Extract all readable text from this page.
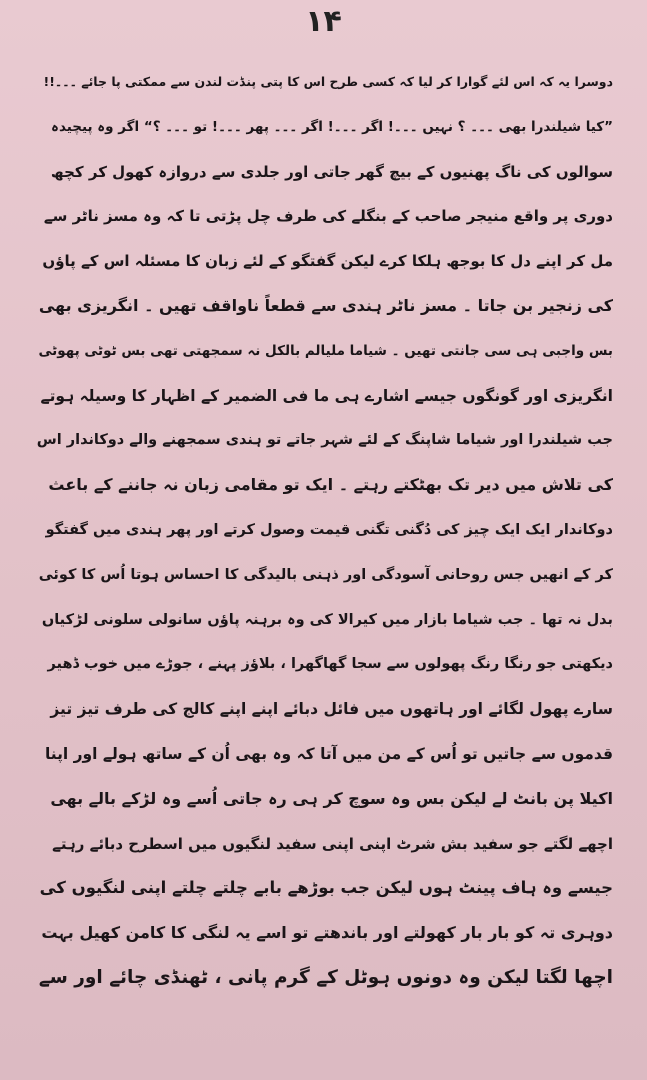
۱۴
دوسرا یہ کہ اس لئے گوارا کر لیا کہ کسی طرح اس کا پتی پنڈت لندن سے ممکتی پا جائے ۔۔۔!!
”کیا شیلندرا بھی ۔۔۔ ؟ نہیں ۔۔۔! اگر ۔۔۔! اگر ۔۔۔ پھر ۔۔۔! تو ۔۔۔ ؟“ اگر وہ پیچیدہ
سوالوں کی ناگ پھنیوں کے بیچ گھر جاتی اور جلدی سے دروازہ کھول کر کچھ
دوری پر واقع منیجر صاحب کے بنگلے کی طرف چل پڑتی تا کہ وہ مسز ناٹر سے
مل کر اپنے دل کا بوجھ ہلکا کرے لیکن گفتگو کے لئے زبان کا مسئلہ اس کے پاؤں
کی زنجیر بن جاتا ۔ مسز ناٹر ہندی سے قطعاً ناواقف تھیں ۔ انگریزی بھی
بس واجبی ہی سی جانتی تھیں ۔ شیاما ملیالم بالکل نہ سمجھتی تھی بس ٹوٹی پھوٹی
انگریزی اور گونگوں جیسے اشارے ہی ما فی الضمیر کے اظہار کا وسیلہ ہوتے
جب شیلندرا اور شیاما شاپنگ کے لئے شہر جاتے تو ہندی سمجھنے والے دوکاندار اس
کی تلاش میں دیر تک بھٹکتے رہتے ۔ ایک تو مقامی زبان نہ جاننے کے باعث
دوکاندار ایک ایک چیز کی دُگنی تگنی قیمت وصول کرتے اور پھر ہندی میں گفتگو
کر کے انھیں جس روحانی آسودگی اور ذہنی بالیدگی کا احساس ہوتا اُس کا کوئی
بدل نہ تھا ۔ جب شیاما بازار میں کیرالا کی وہ برہنہ پاؤں سانولی سلونی لڑکیاں
دیکھتی جو رنگا رنگ پھولوں سے سجا گھاگھرا ، بلاؤز پہنے ، جوڑے میں خوب ڈھیر
سارے پھول لگائے اور ہاتھوں میں فائل دبائے اپنے اپنے کالج کی طرف تیز تیز
قدموں سے جاتیں تو اُس کے من میں آتا کہ وہ بھی اُن کے ساتھ ہولے اور اپنا
اکیلا پن بانٹ لے لیکن بس وہ سوچ کر ہی رہ جاتی اُسے وہ لڑکے بالے بھی
اچھے لگتے جو سفید بش شرٹ اپنی اپنی سفید لنگیوں میں اسطرح دبائے رہتے
جیسے وہ ہاف پینٹ ہوں لیکن جب بوڑھے بابے چلتے چلتے اپنی لنگیوں کی
دوہری تہ کو بار بار کھولتے اور باندھتے تو اسے یہ لنگی کا کامن کھیل بہت
اچھا لگتا لیکن وہ دونوں ہوٹل کے گرم پانی ، ٹھنڈی چائے اور سے
